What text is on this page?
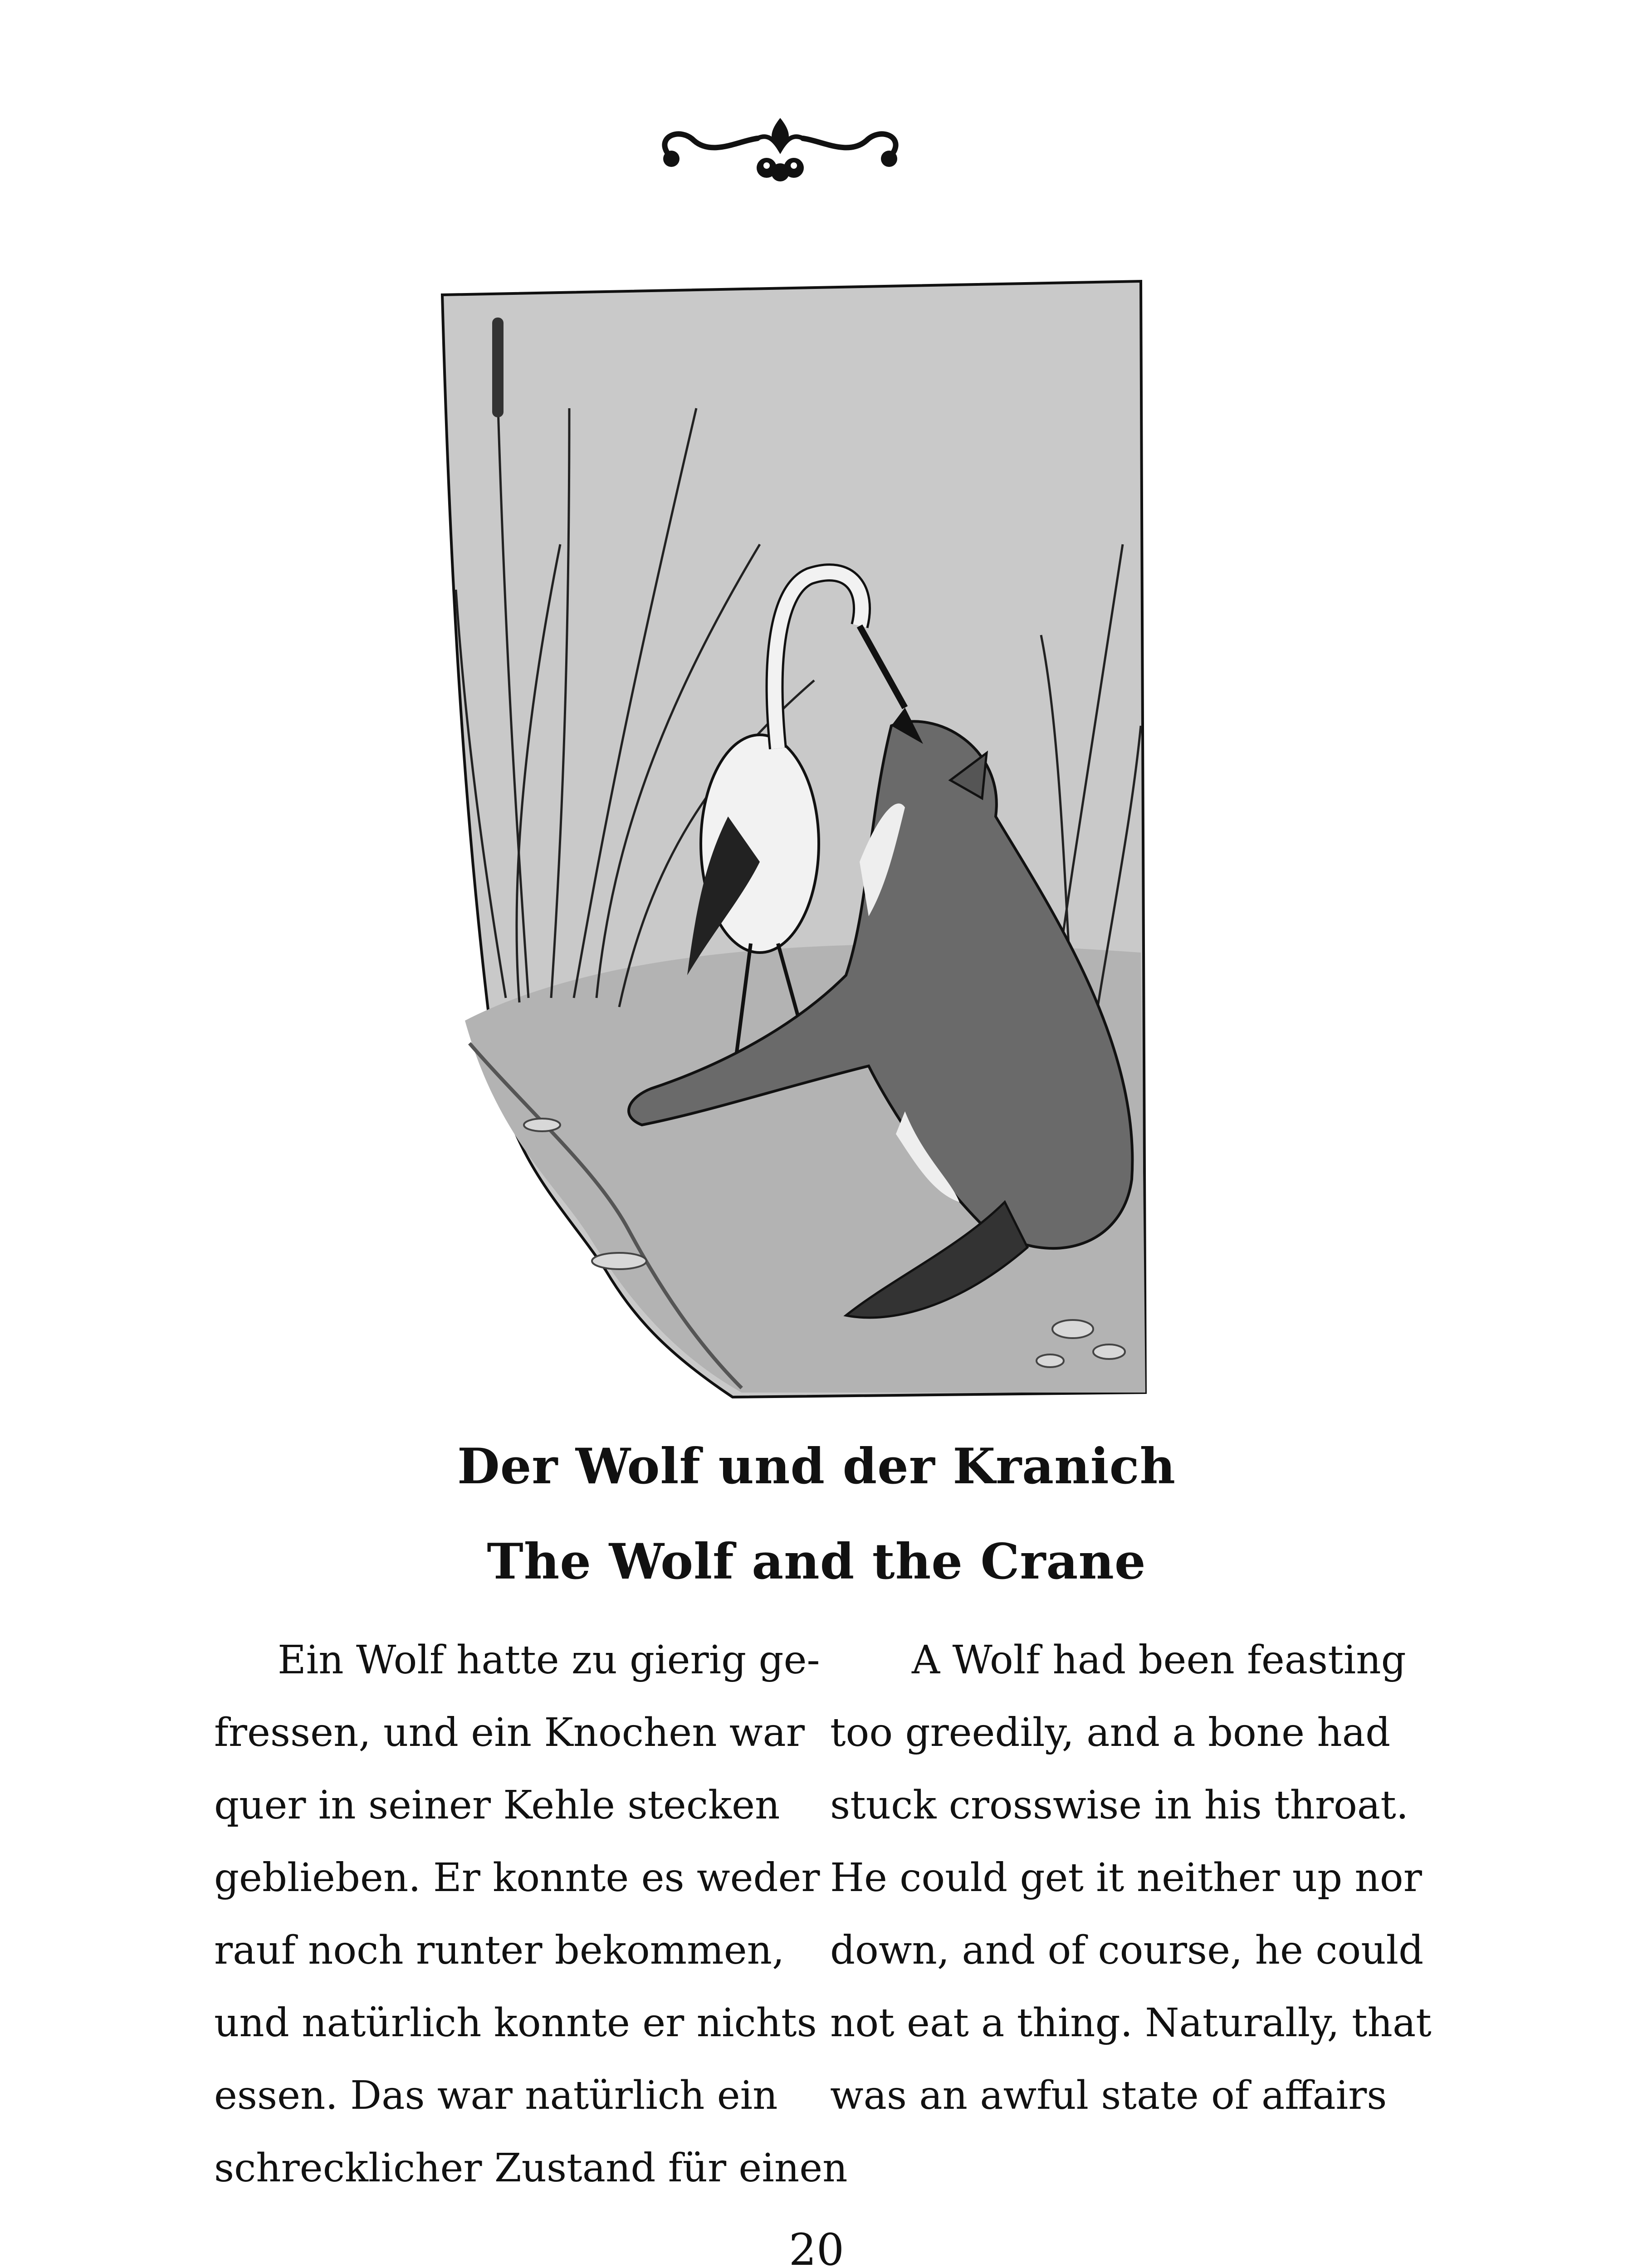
Der Wolf und der Kranich
The Wolf and the Crane
Ein Wolf hatte zu gierig ge-
fressen, und ein Knochen war
quer in seiner Kehle stecken
geblieben. Er konnte es weder
rauf noch runter bekommen,
und natürlich konnte er nichts
essen. Das war natürlich ein
schrecklicher Zustand für einen
A Wolf had been feasting
too greedily, and a bone had
stuck crosswise in his throat.
He could get it neither up nor
down, and of course, he could
not eat a thing. Naturally, that
was an awful state of affairs
20
